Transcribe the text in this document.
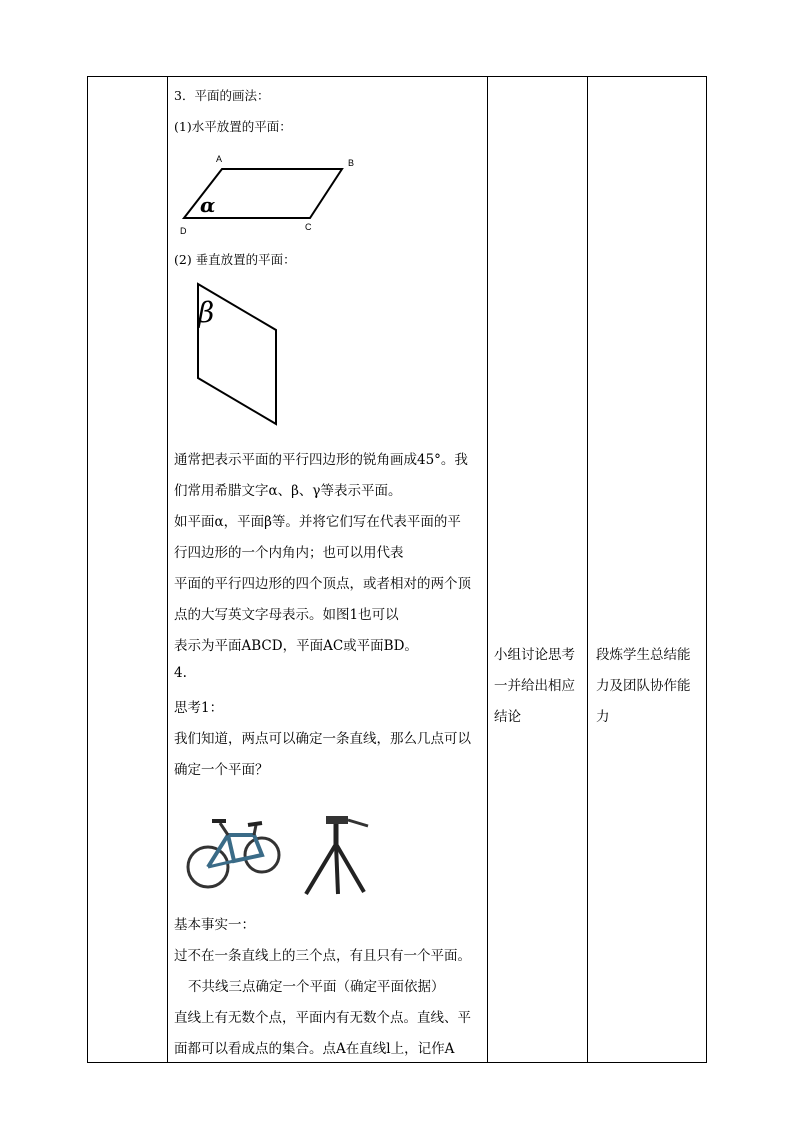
3．平面的画法：
(1)水平放置的平面：
A	B
C
D
α
(2) 垂直放置的平面：
β
通常把表示平面的平行四边形的锐角画成45°。我
们常用希腊文字α、β、γ等表示平面。
如平面α，平面β等。并将它们写在代表平面的平
行四边形的一个内角内；也可以用代表
平面的平行四边形的四个顶点，或者相对的两个顶
点的大写英文字母表示。如图1也可以
表示为平面ABCD，平面AC或平面BD。
4.
思考1：
我们知道，两点可以确定一条直线，那么几点可以
确定一个平面？
基本事实一：
过不在一条直线上的三个点，有且只有一个平面。
不共线三点确定一个平面（确定平面依据）
直线上有无数个点，平面内有无数个点。直线、平
面都可以看成点的集合。点A在直线l上，记作A
小组讨论思考
一并给出相应
结论
段炼学生总结能
力及团队协作能
力
